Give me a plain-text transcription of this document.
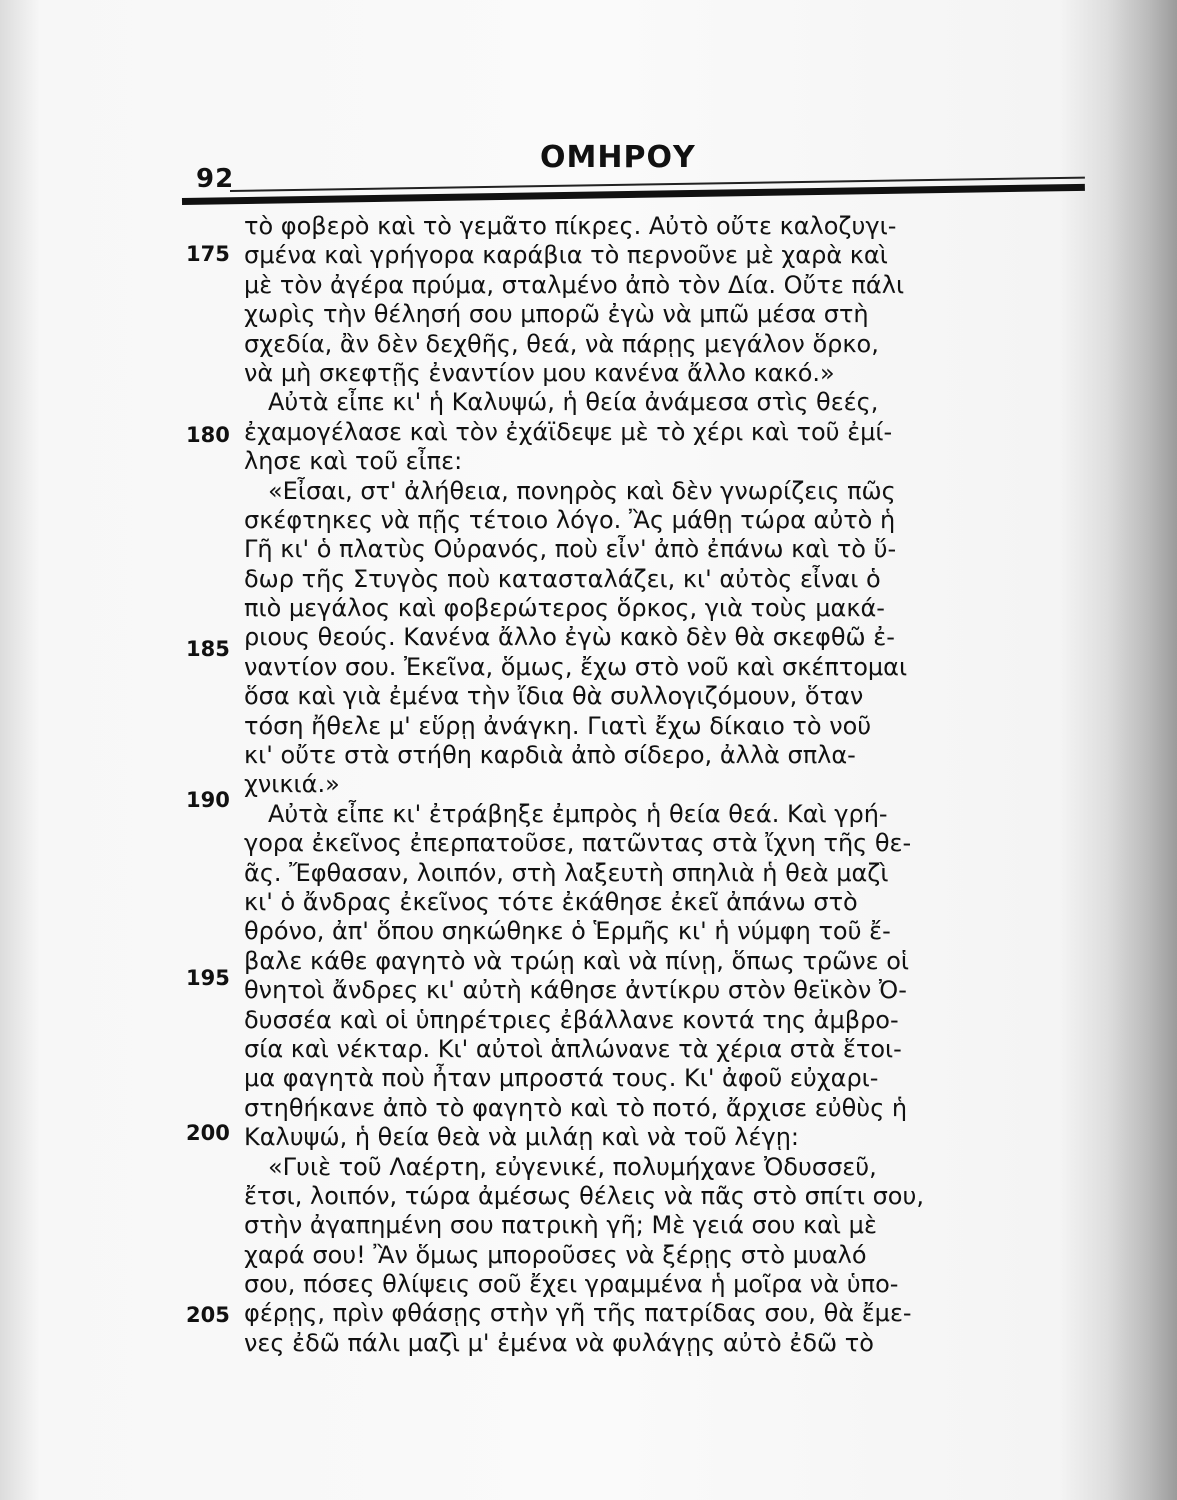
92
ΟΜΗΡΟΥ
175
180
185
190
195
200
205
τὸ φοβερὸ καὶ τὸ γεμᾶτο πίκρες. Αὐτὸ οὔτε καλοζυγι-
σμένα καὶ γρήγορα καράβια τὸ περνοῦνε μὲ χαρὰ καὶ
μὲ τὸν ἀγέρα πρύμα, σταλμένο ἀπὸ τὸν Δία. Οὔτε πάλι
χωρὶς τὴν θέλησή σου μπορῶ ἐγὼ νὰ μπῶ μέσα στὴ
σχεδία, ἂν δὲν δεχθῆς, θεά, νὰ πάρῃς μεγάλον ὅρκο,
νὰ μὴ σκεφτῇς ἐναντίον μου κανένα ἄλλο κακό.»
Αὐτὰ εἶπε κι' ἡ Καλυψώ, ἡ θεία ἀνάμεσα στὶς θεές,
ἐχαμογέλασε καὶ τὸν ἐχάϊδεψε μὲ τὸ χέρι καὶ τοῦ ἐμί-
λησε καὶ τοῦ εἶπε:
«Εἶσαι, στ' ἀλήθεια, πονηρὸς καὶ δὲν γνωρίζεις πῶς
σκέφτηκες νὰ πῇς τέτοιο λόγο. Ἂς μάθῃ τώρα αὐτὸ ἡ
Γῆ κι' ὁ πλατὺς Οὐρανός, ποὺ εἶν' ἀπὸ ἐπάνω καὶ τὸ ὕ-
δωρ τῆς Στυγὸς ποὺ κατασταλάζει, κι' αὐτὸς εἶναι ὁ
πιὸ μεγάλος καὶ φοβερώτερος ὅρκος, γιὰ τοὺς μακά-
ριους θεούς. Κανένα ἄλλο ἐγὼ κακὸ δὲν θὰ σκεφθῶ ἐ-
ναντίον σου. Ἐκεῖνα, ὅμως, ἔχω στὸ νοῦ καὶ σκέπτομαι
ὅσα καὶ γιὰ ἐμένα τὴν ἴδια θὰ συλλογιζόμουν, ὅταν
τόση ἤθελε μ' εὕρῃ ἀνάγκη. Γιατὶ ἔχω δίκαιο τὸ νοῦ
κι' οὔτε στὰ στήθη καρδιὰ ἀπὸ σίδερο, ἀλλὰ σπλα-
χνικιά.»
Αὐτὰ εἶπε κι' ἐτράβηξε ἐμπρὸς ἡ θεία θεά. Καὶ γρή-
γορα ἐκεῖνος ἐπερπατοῦσε, πατῶντας στὰ ἴχνη τῆς θε-
ᾶς. Ἔφθασαν, λοιπόν, στὴ λαξευτὴ σπηλιὰ ἡ θεὰ μαζὶ
κι' ὁ ἄνδρας ἐκεῖνος τότε ἐκάθησε ἐκεῖ ἀπάνω στὸ
θρόνο, ἀπ' ὅπου σηκώθηκε ὁ Ἑρμῆς κι' ἡ νύμφη τοῦ ἔ-
βαλε κάθε φαγητὸ νὰ τρώῃ καὶ νὰ πίνῃ, ὅπως τρῶνε οἱ
θνητοὶ ἄνδρες κι' αὐτὴ κάθησε ἀντίκρυ στὸν θεϊκὸν Ὀ-
δυσσέα καὶ οἱ ὑπηρέτριες ἐβάλλανε κοντά της ἀμβρο-
σία καὶ νέκταρ. Κι' αὐτοὶ ἁπλώνανε τὰ χέρια στὰ ἕτοι-
μα φαγητὰ ποὺ ἦταν μπροστά τους. Κι' ἀφοῦ εὐχαρι-
στηθήκανε ἀπὸ τὸ φαγητὸ καὶ τὸ ποτό, ἄρχισε εὐθὺς ἡ
Καλυψώ, ἡ θεία θεὰ νὰ μιλάῃ καὶ νὰ τοῦ λέγῃ:
«Γυιὲ τοῦ Λαέρτη, εὐγενικέ, πολυμήχανε Ὀδυσσεῦ,
ἔτσι, λοιπόν, τώρα ἀμέσως θέλεις νὰ πᾶς στὸ σπίτι σου,
στὴν ἀγαπημένη σου πατρικὴ γῆ; Μὲ γειά σου καὶ μὲ
χαρά σου! Ἂν ὅμως μποροῦσες νὰ ξέρῃς στὸ μυαλό
σου, πόσες θλίψεις σοῦ ἔχει γραμμένα ἡ μοῖρα νὰ ὑπο-
φέρῃς, πρὶν φθάσῃς στὴν γῆ τῆς πατρίδας σου, θὰ ἔμε-
νες ἐδῶ πάλι μαζὶ μ' ἐμένα νὰ φυλάγῃς αὐτὸ ἐδῶ τὸ
